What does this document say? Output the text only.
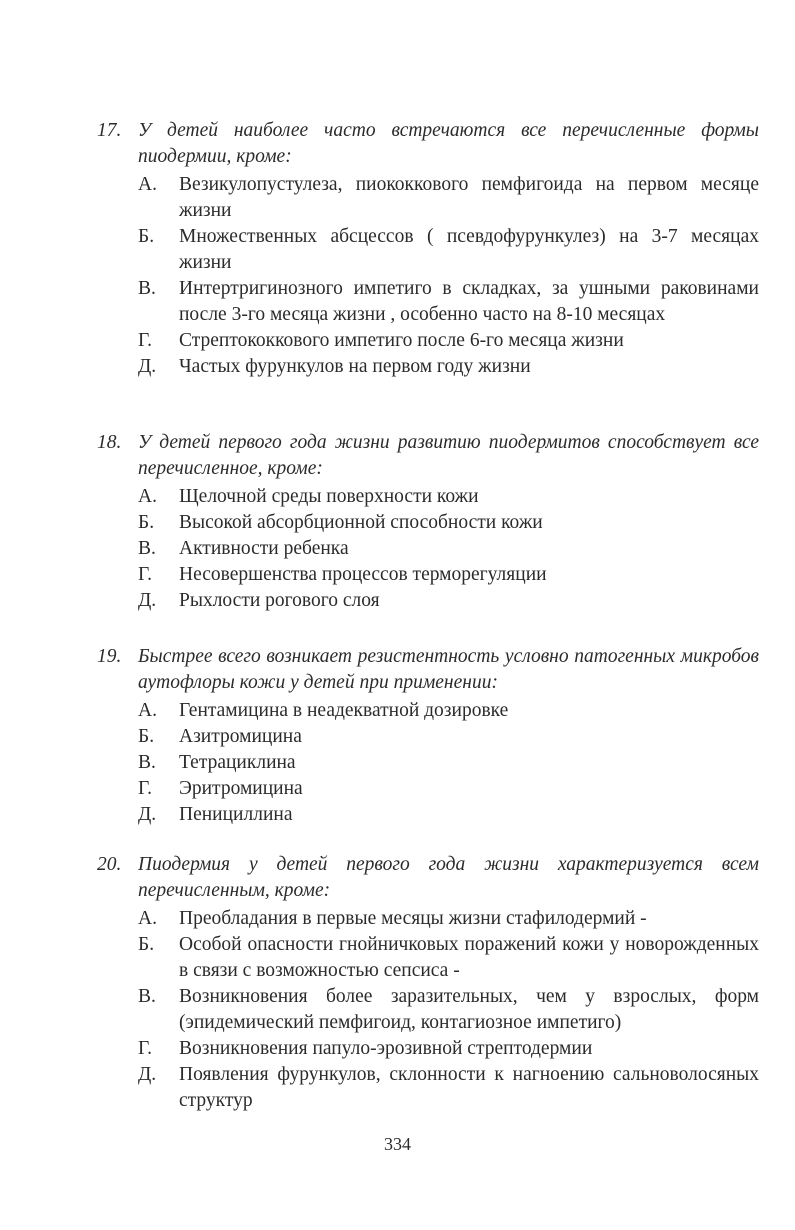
17. У детей наиболее часто встречаются все перечисленные формы пиодермии, кроме:
А. Везикулопустулеза, пиококкового пемфигоида на первом месяце жизни
Б. Множественных абсцессов ( псевдофурункулез) на 3-7 месяцах жизни
В. Интертригинозного импетиго в складках, за ушными раковинами после 3-го месяца жизни , особенно часто на 8-10 месяцах
Г. Стрептококкового импетиго после 6-го месяца жизни
Д. Частых фурункулов на первом году жизни
18. У детей первого года жизни развитию пиодермитов способствует все перечисленное, кроме:
А. Щелочной среды поверхности кожи
Б. Высокой абсорбционной способности кожи
В. Активности ребенка
Г. Несовершенства процессов терморегуляции
Д. Рыхлости рогового слоя
19. Быстрее всего возникает резистентность условно патогенных микробов аутофлоры кожи у детей при применении:
А. Гентамицина в неадекватной дозировке
Б. Азитромицина
В. Тетрациклина
Г. Эритромицина
Д. Пенициллина
20. Пиодермия у детей первого года жизни характеризуется всем перечисленным, кроме:
А. Преобладания в первые месяцы жизни стафилодермий -
Б. Особой опасности гнойничковых поражений кожи у новорожденных в связи с возможностью сепсиса -
В. Возникновения более заразительных, чем у взрослых, форм (эпидемический пемфигоид, контагиозное импетиго)
Г. Возникновения папуло-эрозивной стрептодермии
Д. Появления фурункулов, склонности к нагноению сальноволосяных структур
334
